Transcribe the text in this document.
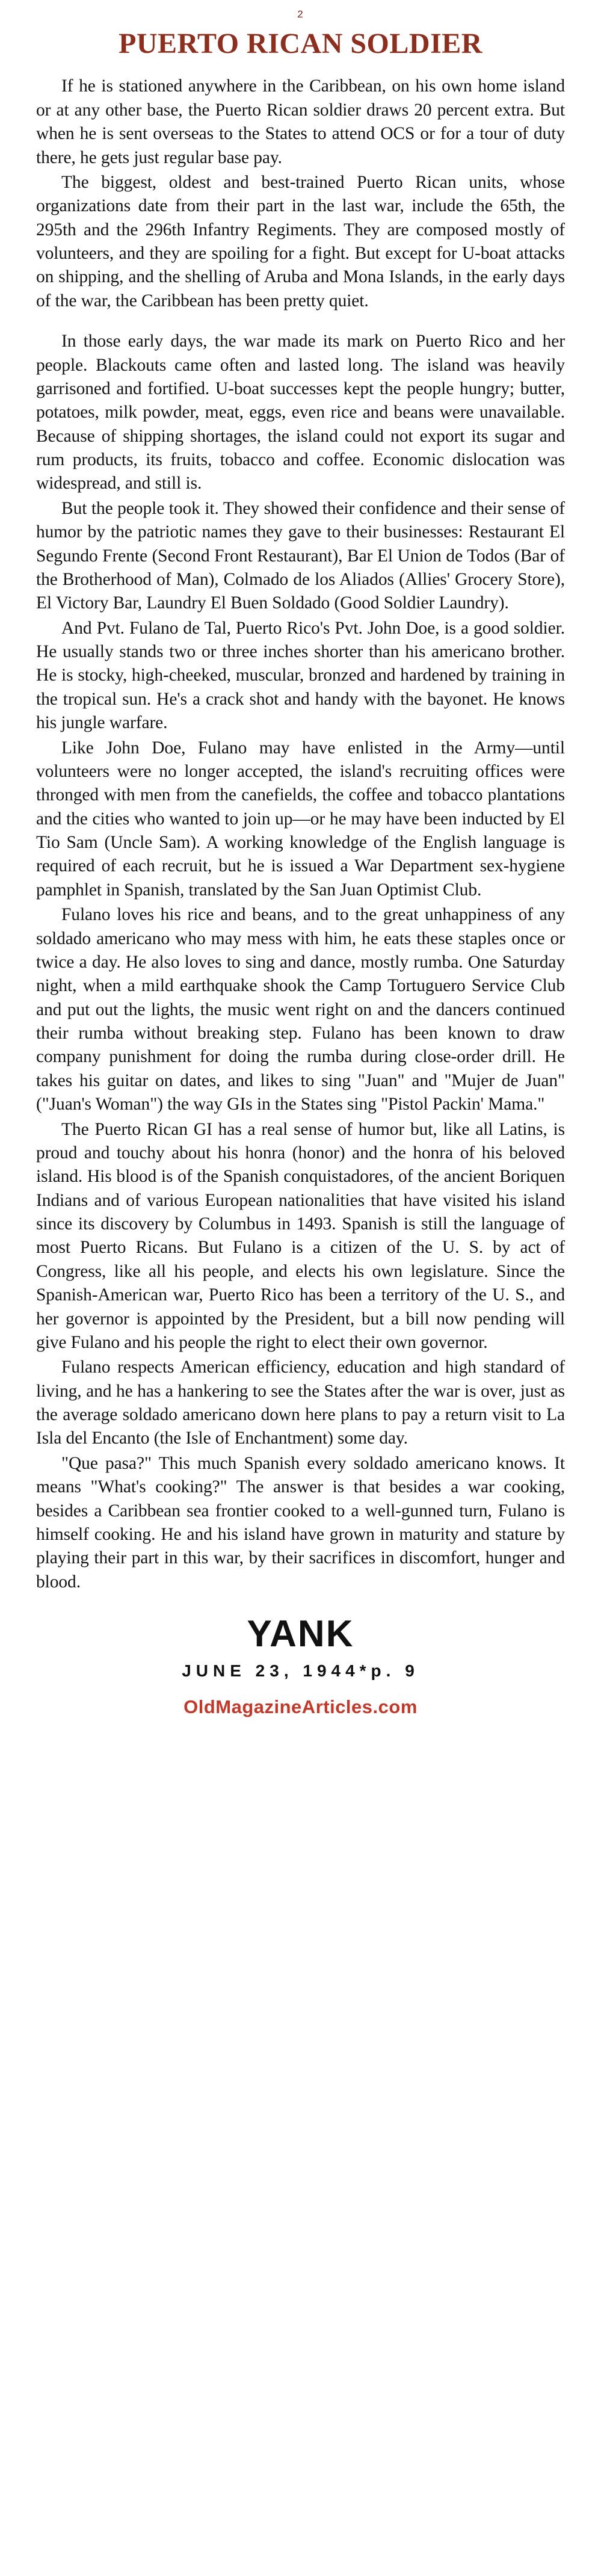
2
PUERTO RICAN SOLDIER

If he is stationed anywhere in the Caribbean, on his own home island or at any other base, the Puerto Rican soldier draws 20 percent extra. But when he is sent overseas to the States to attend OCS or for a tour of duty there, he gets just regular base pay.

The biggest, oldest and best-trained Puerto Rican units, whose organizations date from their part in the last war, include the 65th, the 295th and the 296th Infantry Regiments. They are composed mostly of volunteers, and they are spoiling for a fight. But except for U-boat attacks on shipping, and the shelling of Aruba and Mona Islands, in the early days of the war, the Caribbean has been pretty quiet.

In those early days, the war made its mark on Puerto Rico and her people. Blackouts came often and lasted long. The island was heavily garrisoned and fortified. U-boat successes kept the people hungry; butter, potatoes, milk powder, meat, eggs, even rice and beans were unavailable. Because of shipping shortages, the island could not export its sugar and rum products, its fruits, tobacco and coffee. Economic dislocation was widespread, and still is.

But the people took it. They showed their confidence and their sense of humor by the patriotic names they gave to their businesses: Restaurant El Segundo Frente (Second Front Restaurant), Bar El Union de Todos (Bar of the Brotherhood of Man), Colmado de los Aliados (Allies' Grocery Store), El Victory Bar, Laundry El Buen Soldado (Good Soldier Laundry).

And Pvt. Fulano de Tal, Puerto Rico's Pvt. John Doe, is a good soldier. He usually stands two or three inches shorter than his americano brother. He is stocky, high-cheeked, muscular, bronzed and hardened by training in the tropical sun. He's a crack shot and handy with the bayonet. He knows his jungle warfare.

Like John Doe, Fulano may have enlisted in the Army—until volunteers were no longer accepted, the island's recruiting offices were thronged with men from the canefields, the coffee and tobacco plantations and the cities who wanted to join up—or he may have been inducted by El Tio Sam (Uncle Sam). A working knowledge of the English language is required of each recruit, but he is issued a War Department sex-hygiene pamphlet in Spanish, translated by the San Juan Optimist Club.

Fulano loves his rice and beans, and to the great unhappiness of any soldado americano who may mess with him, he eats these staples once or twice a day. He also loves to sing and dance, mostly rumba. One Saturday night, when a mild earthquake shook the Camp Tortuguero Service Club and put out the lights, the music went right on and the dancers continued their rumba without breaking step. Fulano has been known to draw company punishment for doing the rumba during close-order drill. He takes his guitar on dates, and likes to sing "Juan" and "Mujer de Juan" ("Juan's Woman") the way GIs in the States sing "Pistol Packin' Mama."

The Puerto Rican GI has a real sense of humor but, like all Latins, is proud and touchy about his honra (honor) and the honra of his beloved island. His blood is of the Spanish conquistadores, of the ancient Boriquen Indians and of various European nationalities that have visited his island since its discovery by Columbus in 1493. Spanish is still the language of most Puerto Ricans. But Fulano is a citizen of the U. S. by act of Congress, like all his people, and elects his own legislature. Since the Spanish-American war, Puerto Rico has been a territory of the U. S., and her governor is appointed by the President, but a bill now pending will give Fulano and his people the right to elect their own governor.

Fulano respects American efficiency, education and high standard of living, and he has a hankering to see the States after the war is over, just as the average soldado americano down here plans to pay a return visit to La Isla del Encanto (the Isle of Enchantment) some day.

"Que pasa?" This much Spanish every soldado americano knows. It means "What's cooking?" The answer is that besides a war cooking, besides a Caribbean sea frontier cooked to a well-gunned turn, Fulano is himself cooking. He and his island have grown in maturity and stature by playing their part in this war, by their sacrifices in discomfort, hunger and blood.

YANK
JUNE 23, 1944*p. 9
OldMagazineArticles.com
